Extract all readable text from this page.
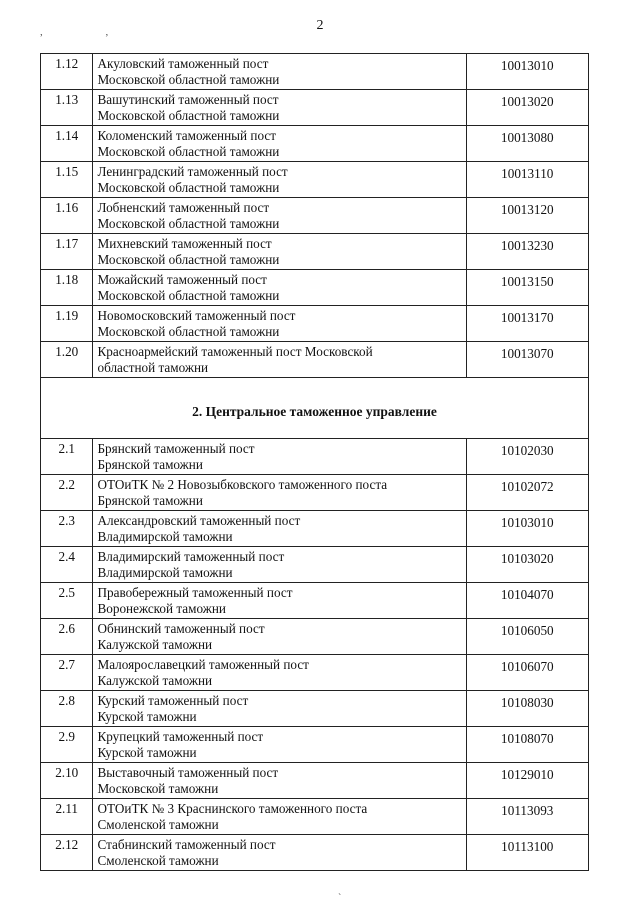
2
, ,
1.12	Акуловский таможенный пост
Московской областной таможни	10013010

1.13	Вашутинский таможенный пост
Московской областной таможни	10013020

1.14	Коломенский таможенный пост
Московской областной таможни	10013080

1.15	Ленинградский таможенный пост
Московской областной таможни	10013110

1.16	Лобненский таможенный пост
Московской областной таможни	10013120

1.17	Михневский таможенный пост
Московской областной таможни	10013230

1.18	Можайский таможенный пост
Московской областной таможни	10013150

1.19	Новомосковский таможенный пост
Московской областной таможни	10013170

1.20	Красноармейский таможенный пост Московской
областной таможни	10013070

2. Центральное таможенное управление		
2.1	Брянский таможенный пост
Брянской таможни	10102030

2.2	ОТОиТК № 2 Новозыбковского таможенного поста
Брянской таможни	10102072

2.3	Александровский таможенный пост
Владимирской таможни	10103010

2.4	Владимирский таможенный пост
Владимирской таможни	10103020

2.5	Правобережный таможенный пост
Воронежской таможни	10104070

2.6	Обнинский таможенный пост
Калужской таможни	10106050

2.7	Малоярославецкий таможенный пост
Калужской таможни	10106070

2.8	Курский таможенный пост
Курской таможни	10108030

2.9	Крупецкий таможенный пост
Курской таможни	10108070

2.10	Выставочный таможенный пост
Московской таможни	10129010

2.11	ОТОиТК № 3 Краснинского таможенного поста
Смоленской таможни	10113093

2.12	Стабнинский таможенный пост
Смоленской таможни	10113100
`
